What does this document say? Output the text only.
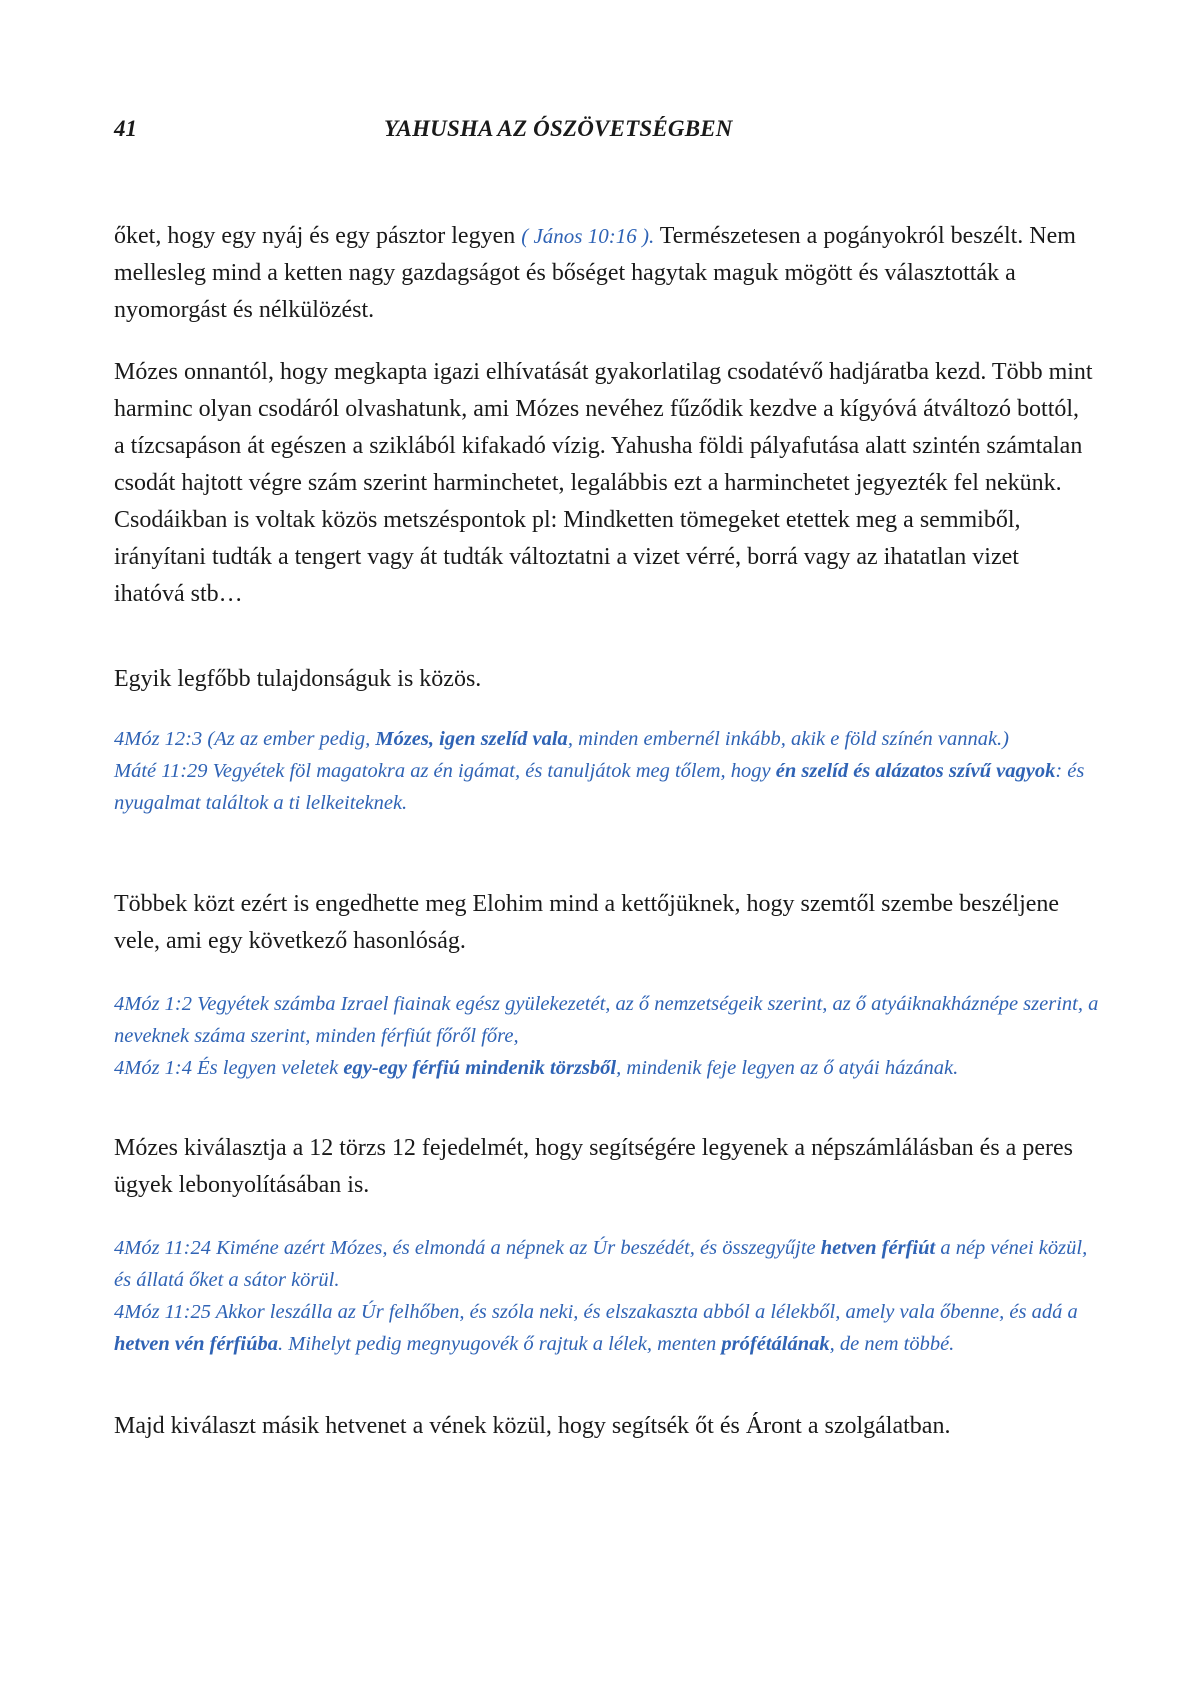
41	YAHUSHA AZ ÓSZÖVETSÉGBEN

őket, hogy egy nyáj és egy pásztor legyen ( János 10:16 ). Természetesen a pogányokról beszélt. Nem mellesleg mind a ketten nagy gazdagságot és bőséget hagytak maguk mögött és választották a nyomorgást és nélkülözést.

Mózes onnantól, hogy megkapta igazi elhívatását gyakorlatilag csodatévő hadjáratba kezd. Több mint harminc olyan csodáról olvashatunk, ami Mózes nevéhez fűződik kezdve a kígyóvá átváltozó bottól, a tízcsapáson át egészen a sziklából kifakadó vízig. Yahusha földi pályafutása alatt szintén számtalan csodát hajtott végre szám szerint harminchetet, legalábbis ezt a harminchetet jegyezték fel nekünk. Csodáikban is voltak közös metszéspontok pl: Mindketten tömegeket etettek meg a semmiből, irányítani tudták a tengert vagy át tudták változtatni a vizet vérré, borrá vagy az ihatatlan vizet ihatóvá stb…

Egyik legfőbb tulajdonságuk is közös.

4Móz 12:3 (Az az ember pedig, Mózes, igen szelíd vala, minden embernél inkább, akik e föld színén vannak.)
Máté 11:29 Vegyétek föl magatokra az én igámat, és tanuljátok meg tőlem, hogy én szelíd és alázatos szívű vagyok: és nyugalmat találtok a ti lelkeiteknek.

Többek közt ezért is engedhette meg Elohim mind a kettőjüknek, hogy szemtől szembe beszéljene vele, ami egy következő hasonlóság.

4Móz 1:2 Vegyétek számba Izrael fiainak egész gyülekezetét, az ő nemzetségeik szerint, az ő atyáiknakháznépe szerint, a neveknek száma szerint, minden férfiút főről főre,
4Móz 1:4 És legyen veletek egy-egy férfiú mindenik törzsből, mindenik feje legyen az ő atyái házának.

Mózes kiválasztja a 12 törzs 12 fejedelmét, hogy segítségére legyenek a népszámlálásban és a peres ügyek lebonyolításában is.

4Móz 11:24 Kiméne azért Mózes, és elmondá a népnek az Úr beszédét, és összegyűjte hetven férfiút a nép vénei közül, és állatá őket a sátor körül.
4Móz 11:25 Akkor leszálla az Úr felhőben, és szóla neki, és elszakaszta abból a lélekből, amely vala őbenne, és adá a hetven vén férfiúba. Mihelyt pedig megnyugovék ő rajtuk a lélek, menten prófétálának, de nem többé.

Majd kiválaszt másik hetvenet a vének közül, hogy segítsék őt és Áront a szolgálatban.
